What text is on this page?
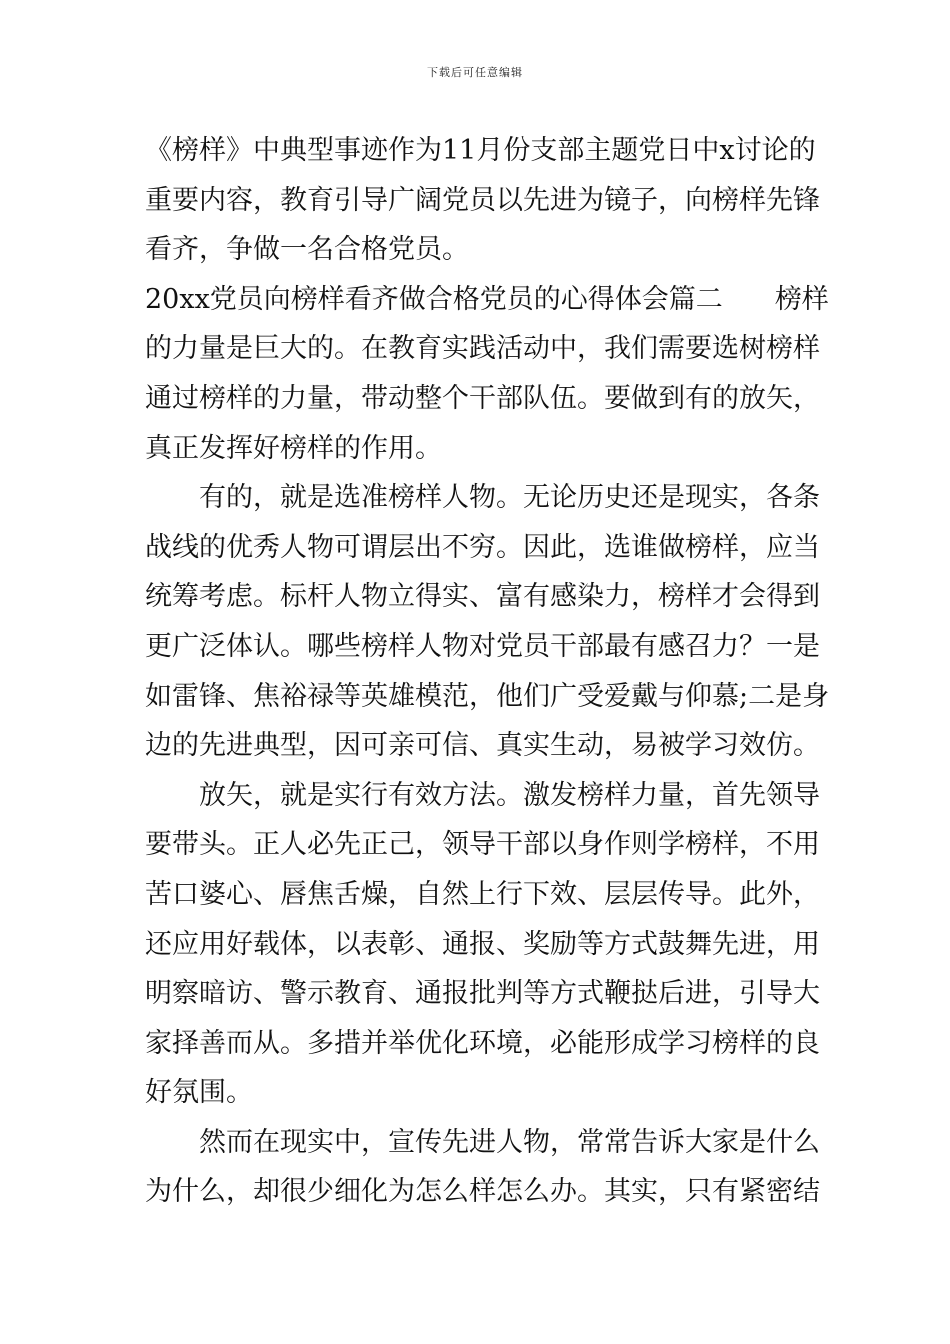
下载后可任意编辑
《榜样》中典型事迹作为11月份支部主题党日中x讨论的
重要内容，教育引导广阔党员以先进为镜子，向榜样先锋
看齐，争做一名合格党员。
20xx党员向榜样看齐做合格党员的心得体会篇二 榜样
的力量是巨大的。在教育实践活动中，我们需要选树榜样
通过榜样的力量，带动整个干部队伍。要做到有的放矢，
真正发挥好榜样的作用。
有的，就是选准榜样人物。无论历史还是现实，各条
战线的优秀人物可谓层出不穷。因此，选谁做榜样，应当
统筹考虑。标杆人物立得实、富有感染力，榜样才会得到
更广泛体认。哪些榜样人物对党员干部最有感召力？一是
如雷锋、焦裕禄等英雄模范，他们广受爱戴与仰慕;二是身
边的先进典型，因可亲可信、真实生动，易被学习效仿。
放矢，就是实行有效方法。激发榜样力量，首先领导
要带头。正人必先正己，领导干部以身作则学榜样，不用
苦口婆心、唇焦舌燥，自然上行下效、层层传导。此外，
还应用好载体，以表彰、通报、奖励等方式鼓舞先进，用
明察暗访、警示教育、通报批判等方式鞭挞后进，引导大
家择善而从。多措并举优化环境，必能形成学习榜样的良
好氛围。
然而在现实中，宣传先进人物，常常告诉大家是什么
为什么，却很少细化为怎么样怎么办。其实，只有紧密结
